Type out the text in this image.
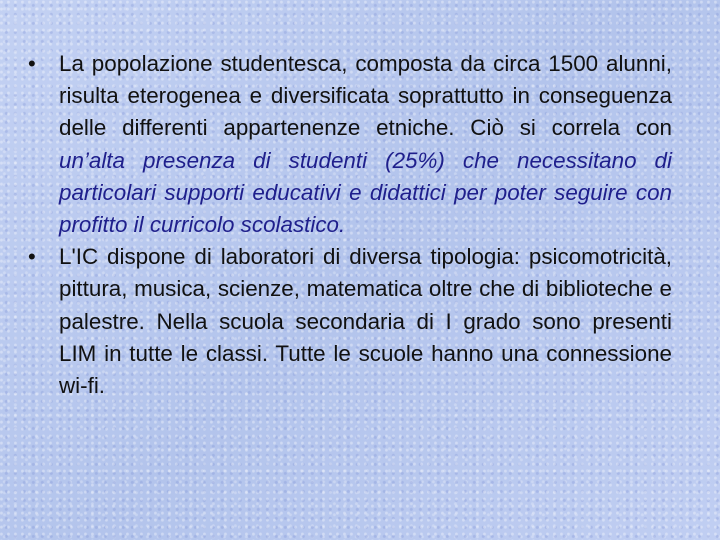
• La popolazione studentesca, composta da circa 1500 alunni, risulta eterogenea e diversificata soprattutto in conseguenza delle differenti appartenenze etniche. Ciò si correla con un’alta presenza di studenti (25%) che necessitano di particolari supporti educativi e didattici per poter seguire con profitto il curricolo scolastico.
• L'IC dispone di laboratori di diversa tipologia: psicomotricità, pittura, musica, scienze, matematica oltre che di biblioteche e palestre. Nella scuola secondaria di I grado sono presenti LIM in tutte le classi. Tutte le scuole hanno una connessione wi-fi.
